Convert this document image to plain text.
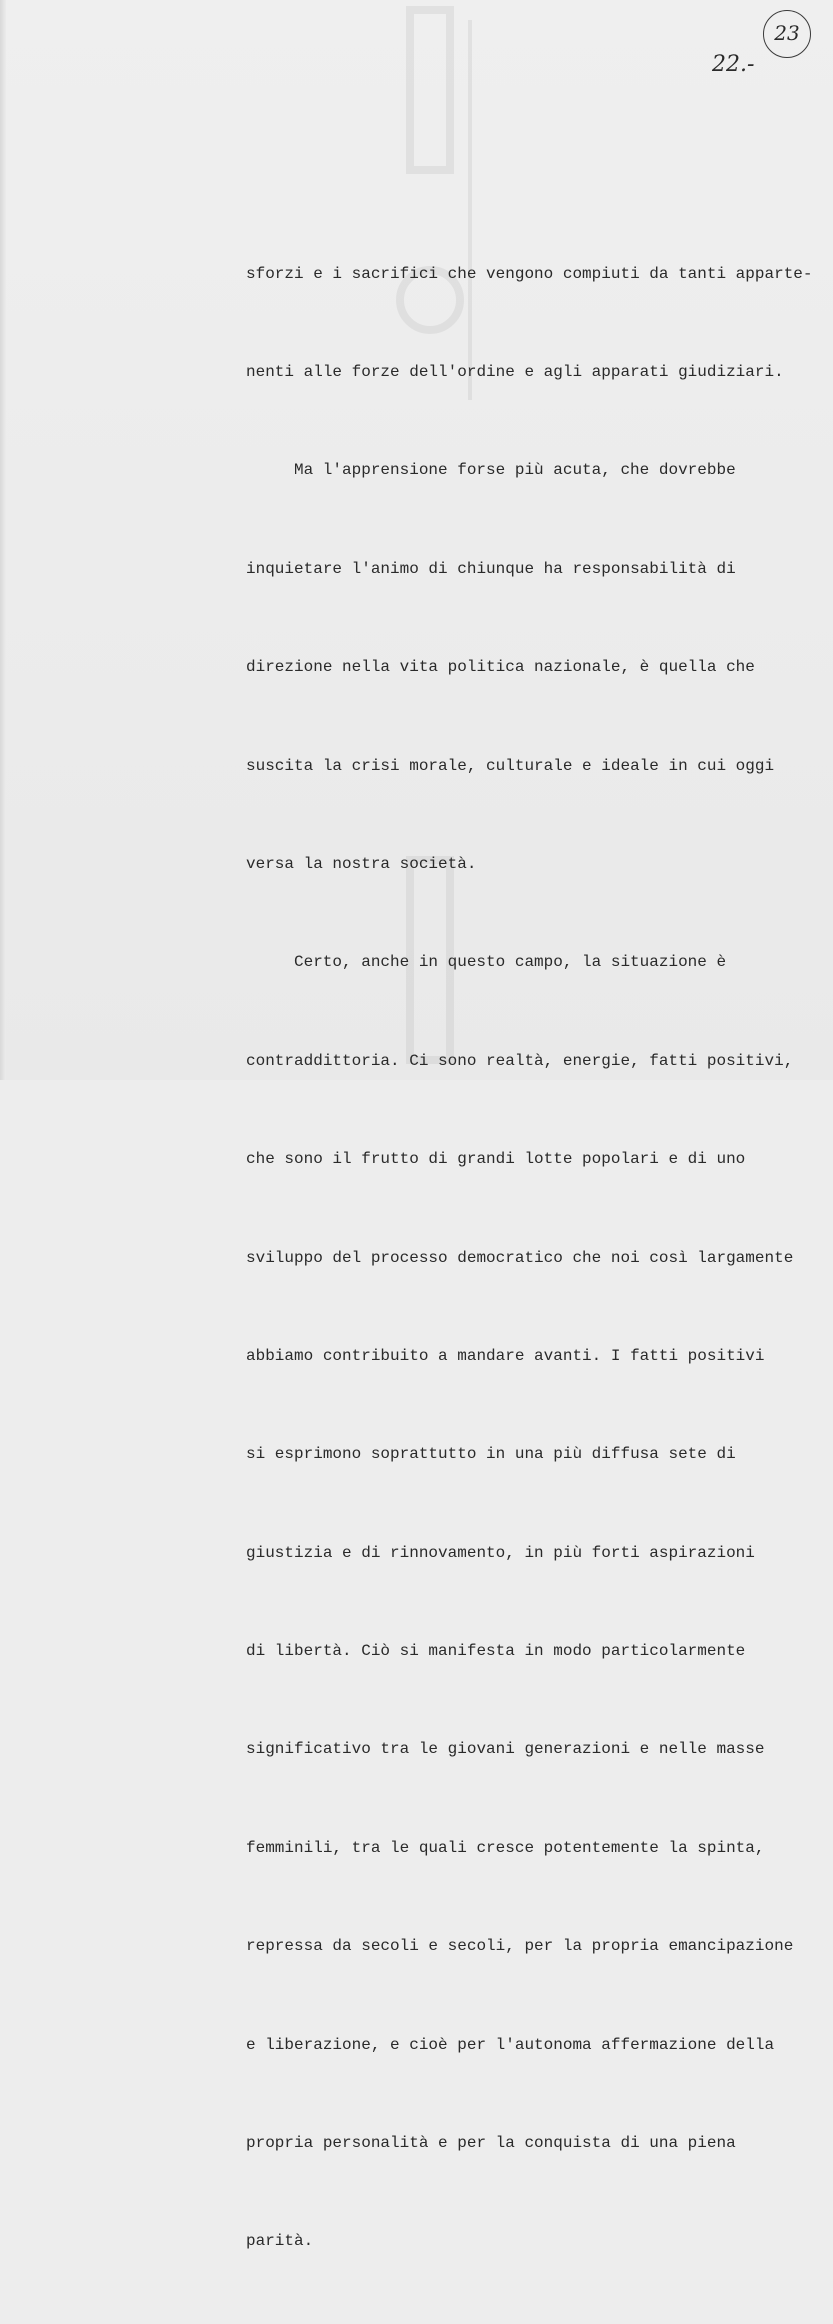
23
22.-

sforzi e i sacrifici che vengono compiuti da tanti apparte-

nenti alle forze dell'ordine e agli apparati giudiziari.

Ma l'apprensione forse più acuta, che dovrebbe

inquietare l'animo di chiunque ha responsabilità di

direzione nella vita politica nazionale, è quella che

suscita la crisi morale, culturale e ideale in cui oggi

versa la nostra società.

Certo, anche in questo campo, la situazione è

contraddittoria. Ci sono realtà, energie, fatti positivi,

che sono il frutto di grandi lotte popolari e di uno

sviluppo del processo democratico che noi così largamente

abbiamo contribuito a mandare avanti. I fatti positivi

si esprimono soprattutto in una più diffusa sete di

giustizia e di rinnovamento, in più forti aspirazioni

di libertà. Ciò si manifesta in modo particolarmente

significativo tra le giovani generazioni e nelle masse

femminili, tra le quali cresce potentemente la spinta,

repressa da secoli e secoli, per la propria emancipazione

e liberazione, e cioè per l'autonoma affermazione della

propria personalità e per la conquista di una piena

parità.
